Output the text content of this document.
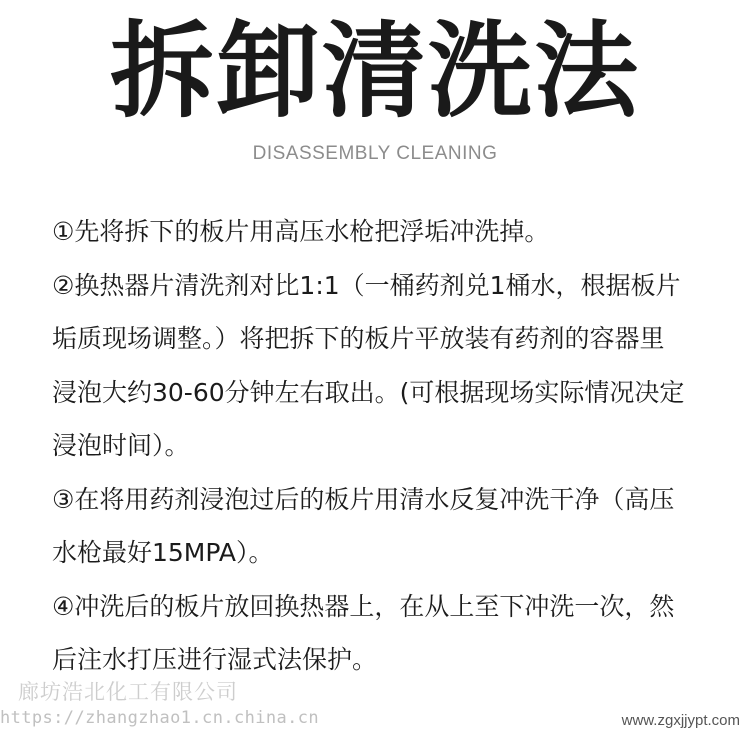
拆卸清洗法
DISASSEMBLY CLEANING
①先将拆下的板片用高压水枪把浮垢冲洗掉。
②换热器片清洗剂对比1:1（一桶药剂兑1桶水，根据板片
垢质现场调整。）将把拆下的板片平放装有药剂的容器里
浸泡大约30-60分钟左右取出。(可根据现场实际情况决定
浸泡时间）。
③在将用药剂浸泡过后的板片用清水反复冲洗干净（高压
水枪最好15MPA）。
④冲洗后的板片放回换热器上，在从上至下冲洗一次，然
后注水打压进行湿式法保护。
廊坊浩北化工有限公司
https://zhangzhao1.cn.china.cn	www.zgxjjypt.com
